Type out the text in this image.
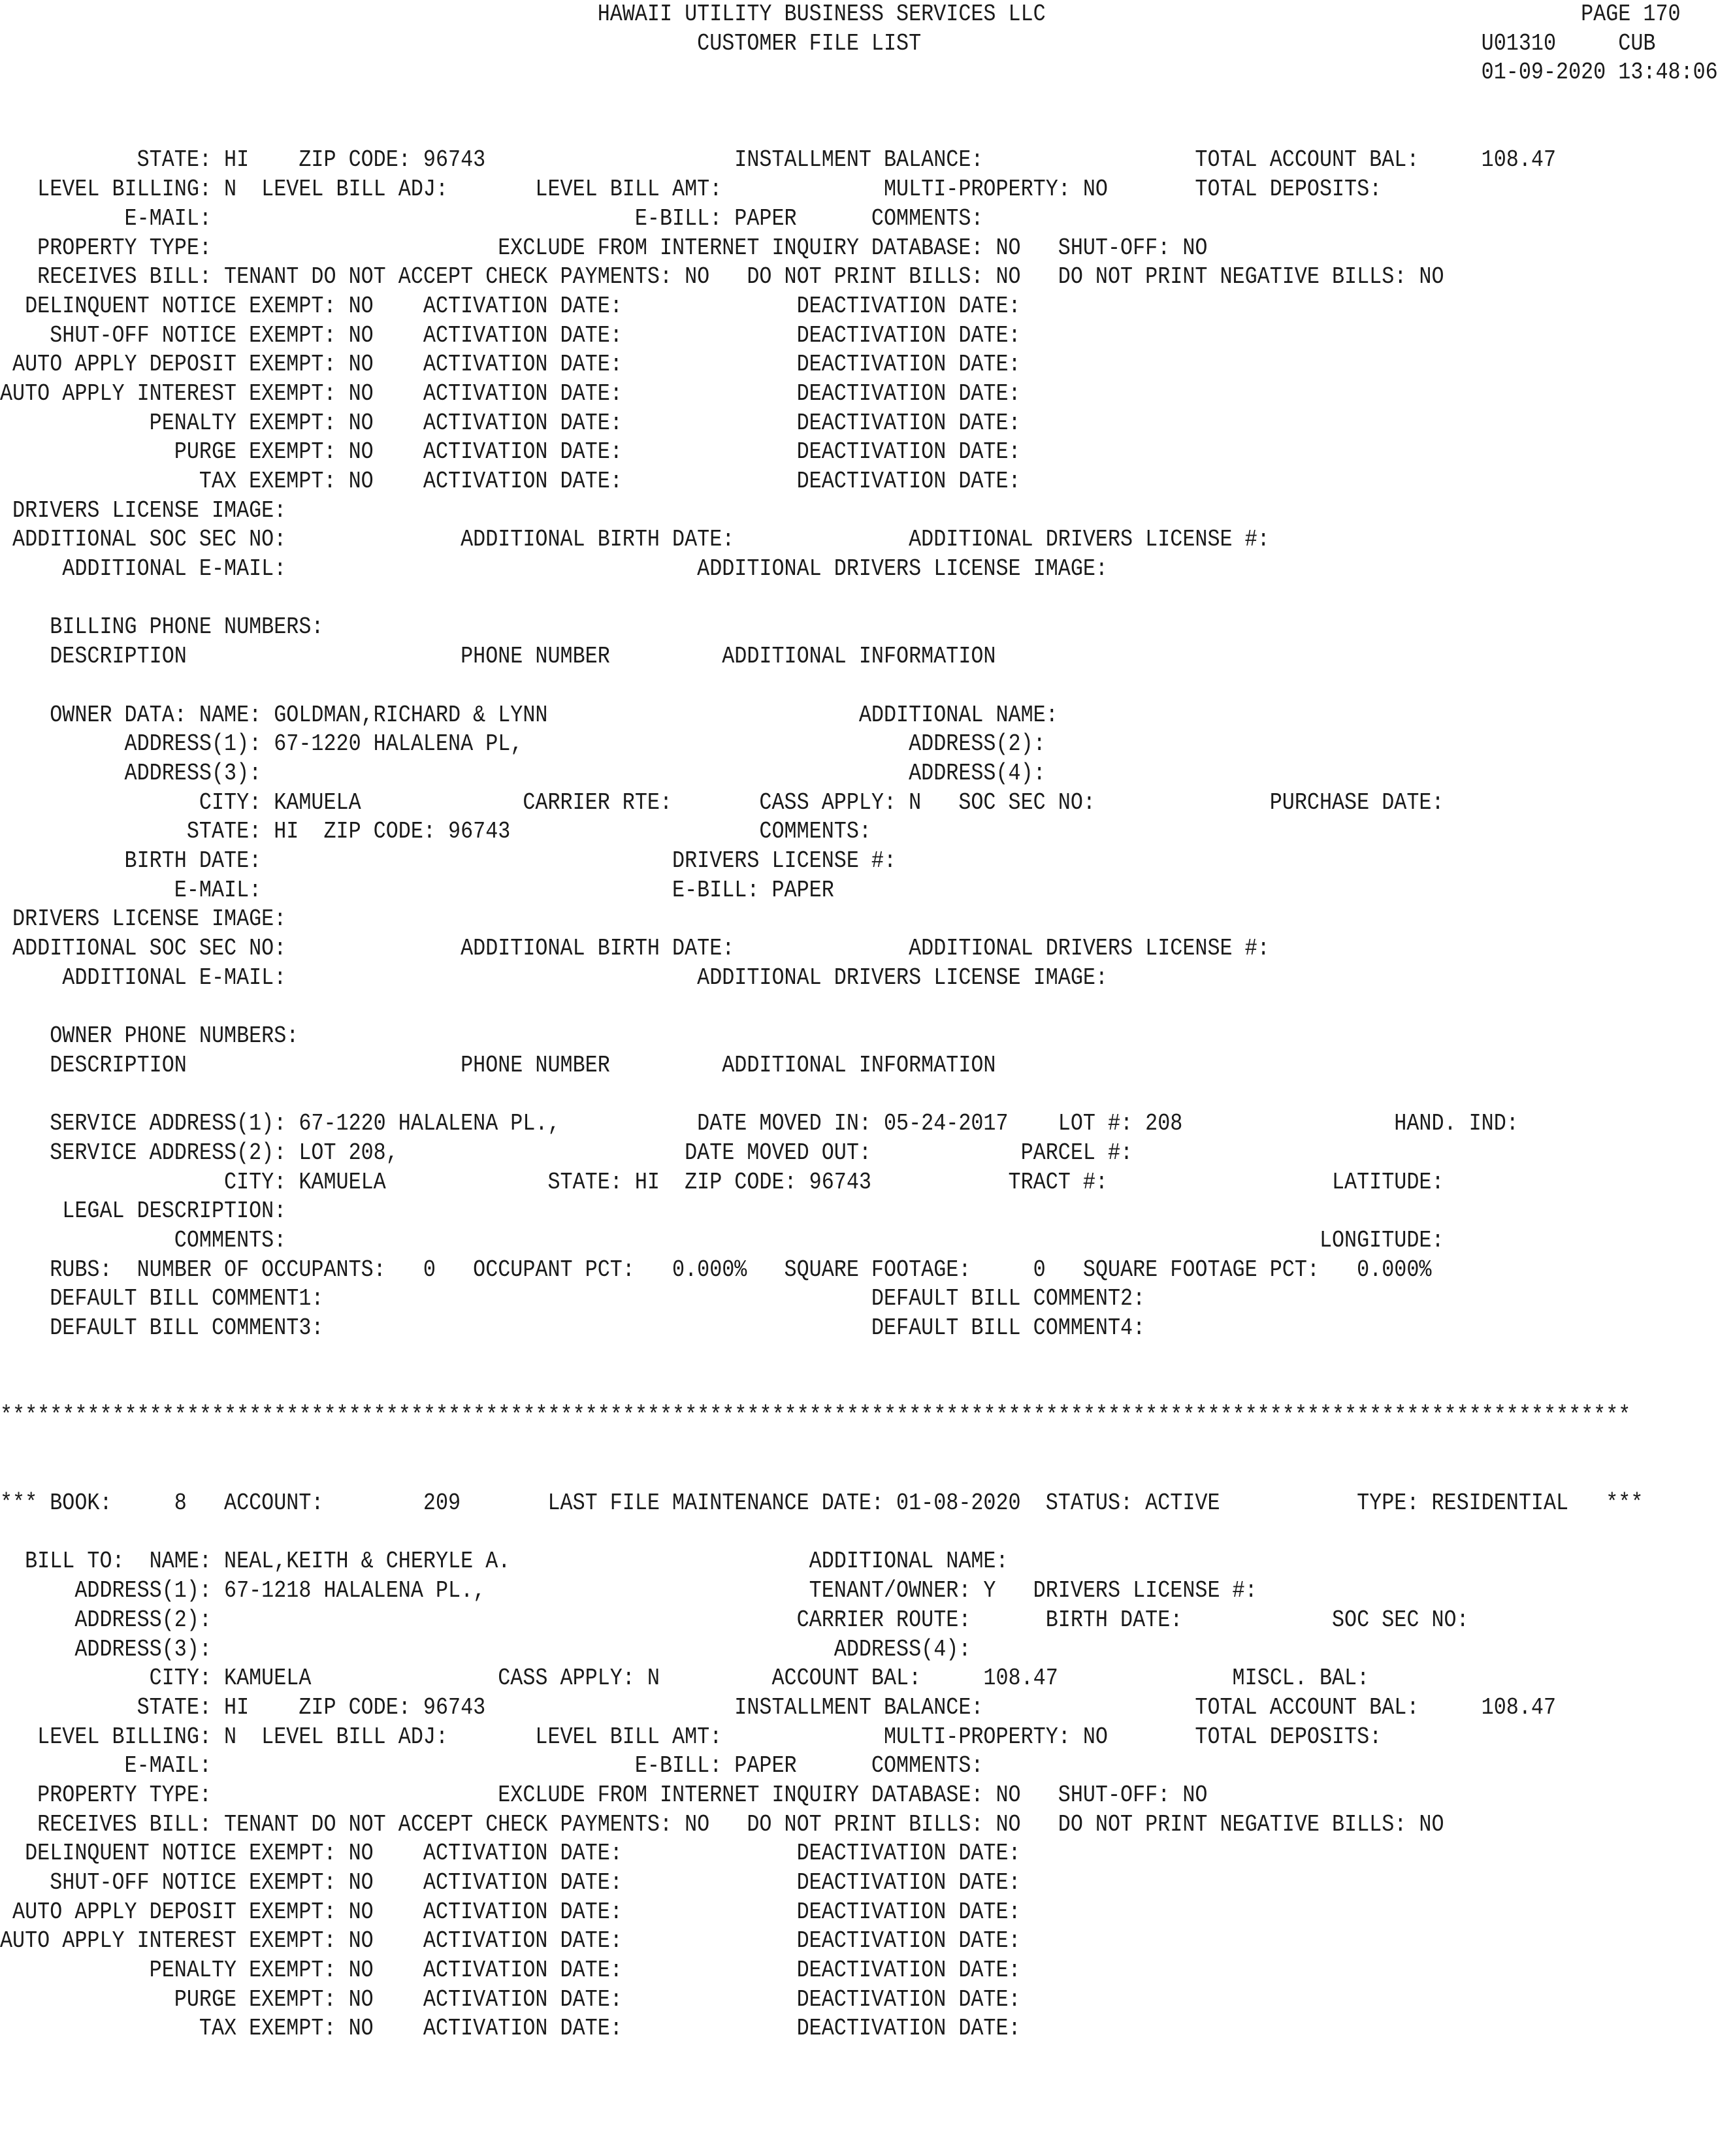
HAWAII UTILITY BUSINESS SERVICES LLC                                           PAGE 170
CUSTOMER FILE LIST                                             U01310     CUB
01-09-2020 13:48:06
STATE: HI    ZIP CODE: 96743                    INSTALLMENT BALANCE:                 TOTAL ACCOUNT BAL:     108.47
LEVEL BILLING: N  LEVEL BILL ADJ:       LEVEL BILL AMT:             MULTI-PROPERTY: NO       TOTAL DEPOSITS:
E-MAIL:                                  E-BILL: PAPER      COMMENTS:
PROPERTY TYPE:                       EXCLUDE FROM INTERNET INQUIRY DATABASE: NO   SHUT-OFF: NO
RECEIVES BILL: TENANT DO NOT ACCEPT CHECK PAYMENTS: NO   DO NOT PRINT BILLS: NO   DO NOT PRINT NEGATIVE BILLS: NO
DELINQUENT NOTICE EXEMPT: NO    ACTIVATION DATE:              DEACTIVATION DATE:
SHUT-OFF NOTICE EXEMPT: NO    ACTIVATION DATE:              DEACTIVATION DATE:
AUTO APPLY DEPOSIT EXEMPT: NO    ACTIVATION DATE:              DEACTIVATION DATE:
AUTO APPLY INTEREST EXEMPT: NO    ACTIVATION DATE:              DEACTIVATION DATE:
PENALTY EXEMPT: NO    ACTIVATION DATE:              DEACTIVATION DATE:
PURGE EXEMPT: NO    ACTIVATION DATE:              DEACTIVATION DATE:
TAX EXEMPT: NO    ACTIVATION DATE:              DEACTIVATION DATE:
DRIVERS LICENSE IMAGE:
ADDITIONAL SOC SEC NO:              ADDITIONAL BIRTH DATE:              ADDITIONAL DRIVERS LICENSE #:
ADDITIONAL E-MAIL:                                 ADDITIONAL DRIVERS LICENSE IMAGE:
BILLING PHONE NUMBERS:
DESCRIPTION                      PHONE NUMBER         ADDITIONAL INFORMATION
OWNER DATA: NAME: GOLDMAN,RICHARD & LYNN                         ADDITIONAL NAME:
ADDRESS(1): 67-1220 HALALENA PL,                               ADDRESS(2):
ADDRESS(3):                                                    ADDRESS(4):
CITY: KAMUELA             CARRIER RTE:       CASS APPLY: N   SOC SEC NO:              PURCHASE DATE:
STATE: HI  ZIP CODE: 96743                    COMMENTS:
BIRTH DATE:                                 DRIVERS LICENSE #:
E-MAIL:                                 E-BILL: PAPER
DRIVERS LICENSE IMAGE:
ADDITIONAL SOC SEC NO:              ADDITIONAL BIRTH DATE:              ADDITIONAL DRIVERS LICENSE #:
ADDITIONAL E-MAIL:                                 ADDITIONAL DRIVERS LICENSE IMAGE:
OWNER PHONE NUMBERS:
DESCRIPTION                      PHONE NUMBER         ADDITIONAL INFORMATION
SERVICE ADDRESS(1): 67-1220 HALALENA PL.,           DATE MOVED IN: 05-24-2017    LOT #: 208                 HAND. IND:
SERVICE ADDRESS(2): LOT 208,                       DATE MOVED OUT:            PARCEL #:
CITY: KAMUELA             STATE: HI  ZIP CODE: 96743           TRACT #:                  LATITUDE:
LEGAL DESCRIPTION:
COMMENTS:                                                                                   LONGITUDE:
RUBS:  NUMBER OF OCCUPANTS:   0   OCCUPANT PCT:   0.000%   SQUARE FOOTAGE:     0   SQUARE FOOTAGE PCT:   0.000%
DEFAULT BILL COMMENT1:                                            DEFAULT BILL COMMENT2:
DEFAULT BILL COMMENT3:                                            DEFAULT BILL COMMENT4:
***********************************************************************************************************************************
*** BOOK:     8   ACCOUNT:        209       LAST FILE MAINTENANCE DATE: 01-08-2020  STATUS: ACTIVE           TYPE: RESIDENTIAL   ***
BILL TO:  NAME: NEAL,KEITH & CHERYLE A.                        ADDITIONAL NAME:
ADDRESS(1): 67-1218 HALALENA PL.,                          TENANT/OWNER: Y   DRIVERS LICENSE #:
ADDRESS(2):                                               CARRIER ROUTE:      BIRTH DATE:            SOC SEC NO:
ADDRESS(3):                                                  ADDRESS(4):
CITY: KAMUELA               CASS APPLY: N         ACCOUNT BAL:     108.47              MISCL. BAL:
STATE: HI    ZIP CODE: 96743                    INSTALLMENT BALANCE:                 TOTAL ACCOUNT BAL:     108.47
LEVEL BILLING: N  LEVEL BILL ADJ:       LEVEL BILL AMT:             MULTI-PROPERTY: NO       TOTAL DEPOSITS:
E-MAIL:                                  E-BILL: PAPER      COMMENTS:
PROPERTY TYPE:                       EXCLUDE FROM INTERNET INQUIRY DATABASE: NO   SHUT-OFF: NO
RECEIVES BILL: TENANT DO NOT ACCEPT CHECK PAYMENTS: NO   DO NOT PRINT BILLS: NO   DO NOT PRINT NEGATIVE BILLS: NO
DELINQUENT NOTICE EXEMPT: NO    ACTIVATION DATE:              DEACTIVATION DATE:
SHUT-OFF NOTICE EXEMPT: NO    ACTIVATION DATE:              DEACTIVATION DATE:
AUTO APPLY DEPOSIT EXEMPT: NO    ACTIVATION DATE:              DEACTIVATION DATE:
AUTO APPLY INTEREST EXEMPT: NO    ACTIVATION DATE:              DEACTIVATION DATE:
PENALTY EXEMPT: NO    ACTIVATION DATE:              DEACTIVATION DATE:
PURGE EXEMPT: NO    ACTIVATION DATE:              DEACTIVATION DATE:
TAX EXEMPT: NO    ACTIVATION DATE:              DEACTIVATION DATE:
